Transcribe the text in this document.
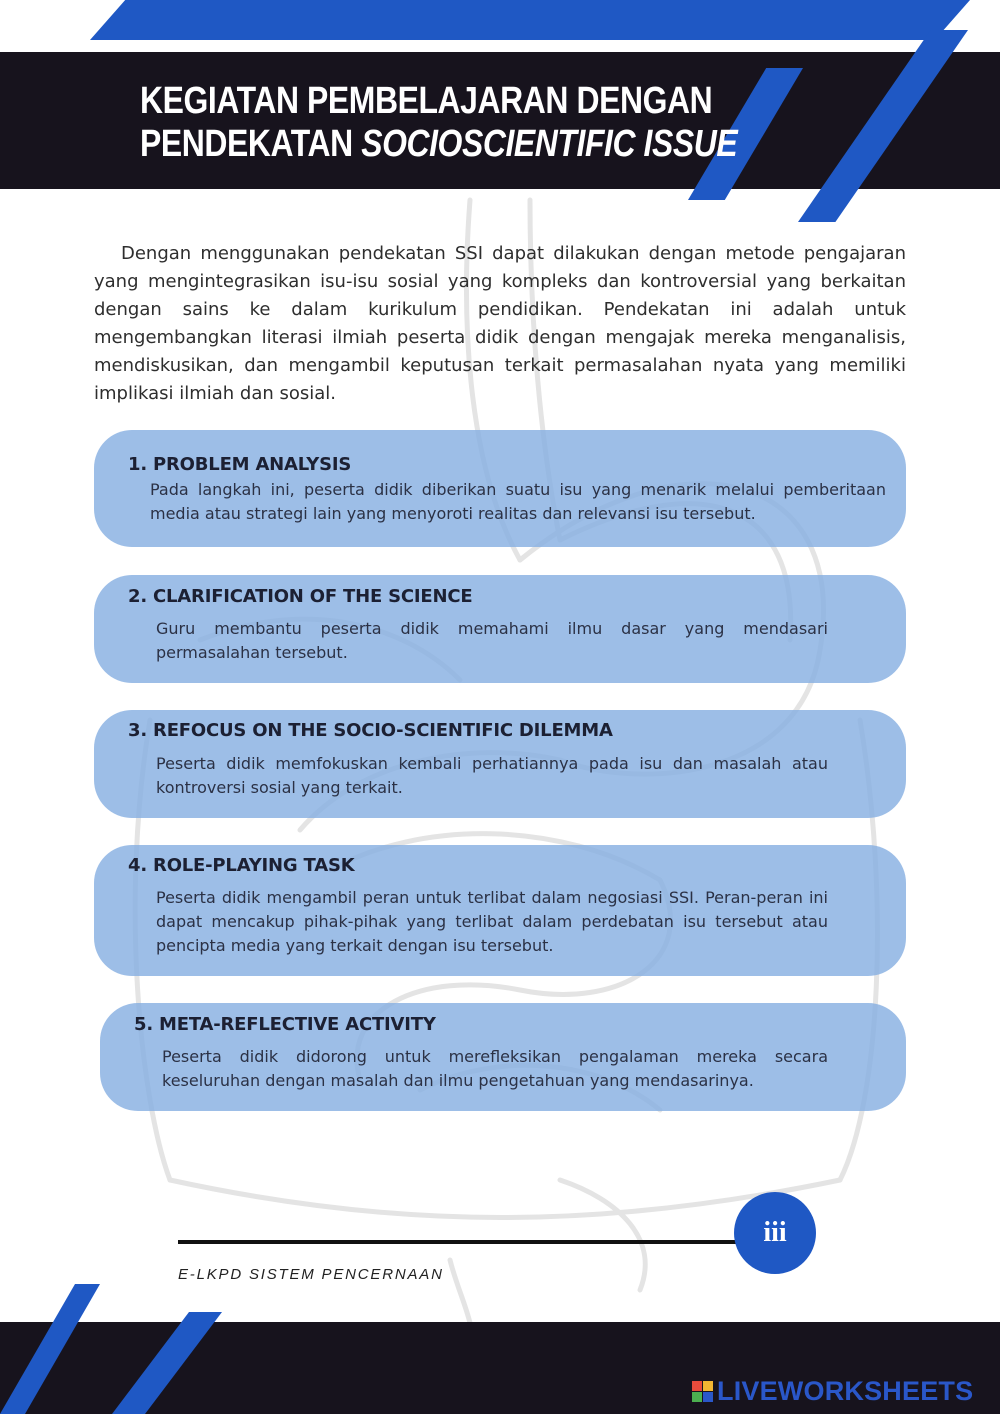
KEGIATAN PEMBELAJARAN DENGAN
PENDEKATAN SOCIOSCIENTIFIC ISSUE

Dengan menggunakan pendekatan SSI dapat dilakukan dengan metode pengajaran yang mengintegrasikan isu-isu sosial yang kompleks dan kontroversial yang berkaitan dengan sains ke dalam kurikulum pendidikan. Pendekatan ini adalah untuk mengembangkan literasi ilmiah peserta didik dengan mengajak mereka menganalisis, mendiskusikan, dan mengambil keputusan terkait permasalahan nyata yang memiliki implikasi ilmiah dan sosial.

1. PROBLEM ANALYSIS

Pada langkah ini, peserta didik diberikan suatu isu yang menarik melalui pemberitaan media atau strategi lain yang menyoroti realitas dan relevansi isu tersebut.

2. CLARIFICATION OF THE SCIENCE

Guru membantu peserta didik memahami ilmu dasar yang mendasari permasalahan tersebut.

3. REFOCUS ON THE SOCIO-SCIENTIFIC DILEMMA

Peserta didik memfokuskan kembali perhatiannya pada isu dan masalah atau kontroversi sosial yang terkait.

4. ROLE-PLAYING TASK

Peserta didik mengambil peran untuk terlibat dalam negosiasi SSI. Peran-peran ini dapat mencakup pihak-pihak yang terlibat dalam perdebatan isu tersebut atau pencipta media yang terkait dengan isu tersebut.

5. META-REFLECTIVE ACTIVITY

Peserta didik didorong untuk merefleksikan pengalaman mereka secara keseluruhan dengan masalah dan ilmu pengetahuan yang mendasarinya.

iii
E-LKPD SISTEM PENCERNAAN
LIVEWORKSHEETS
